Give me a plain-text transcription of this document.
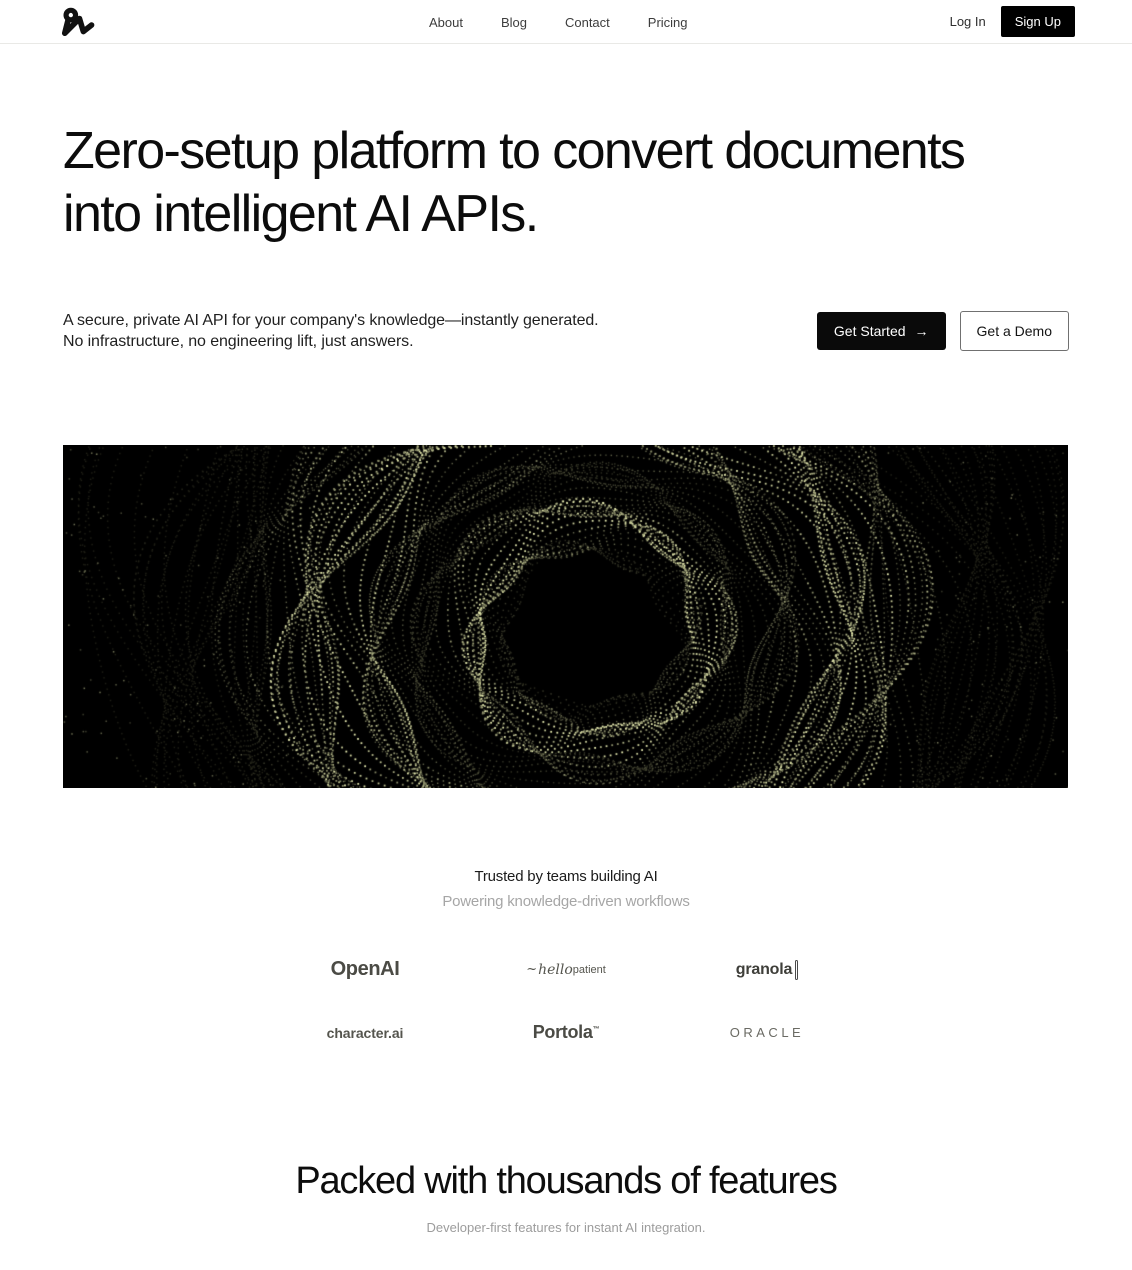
About	Blog	Contact	Pricing	Log In	Sign Up
Zero-setup platform to convert documents
into intelligent AI APIs.

A secure, private AI API for your company's knowledge—instantly generated.
No infrastructure, no engineering lift, just answers.

Get Started →	Get a Demo
Trusted by teams building AI
Powering knowledge-driven workflows
OpenAI	~ hello patient	granola
character.ai	Portola™	ORACLE
Packed with thousands of features
Developer-first features for instant AI integration.
